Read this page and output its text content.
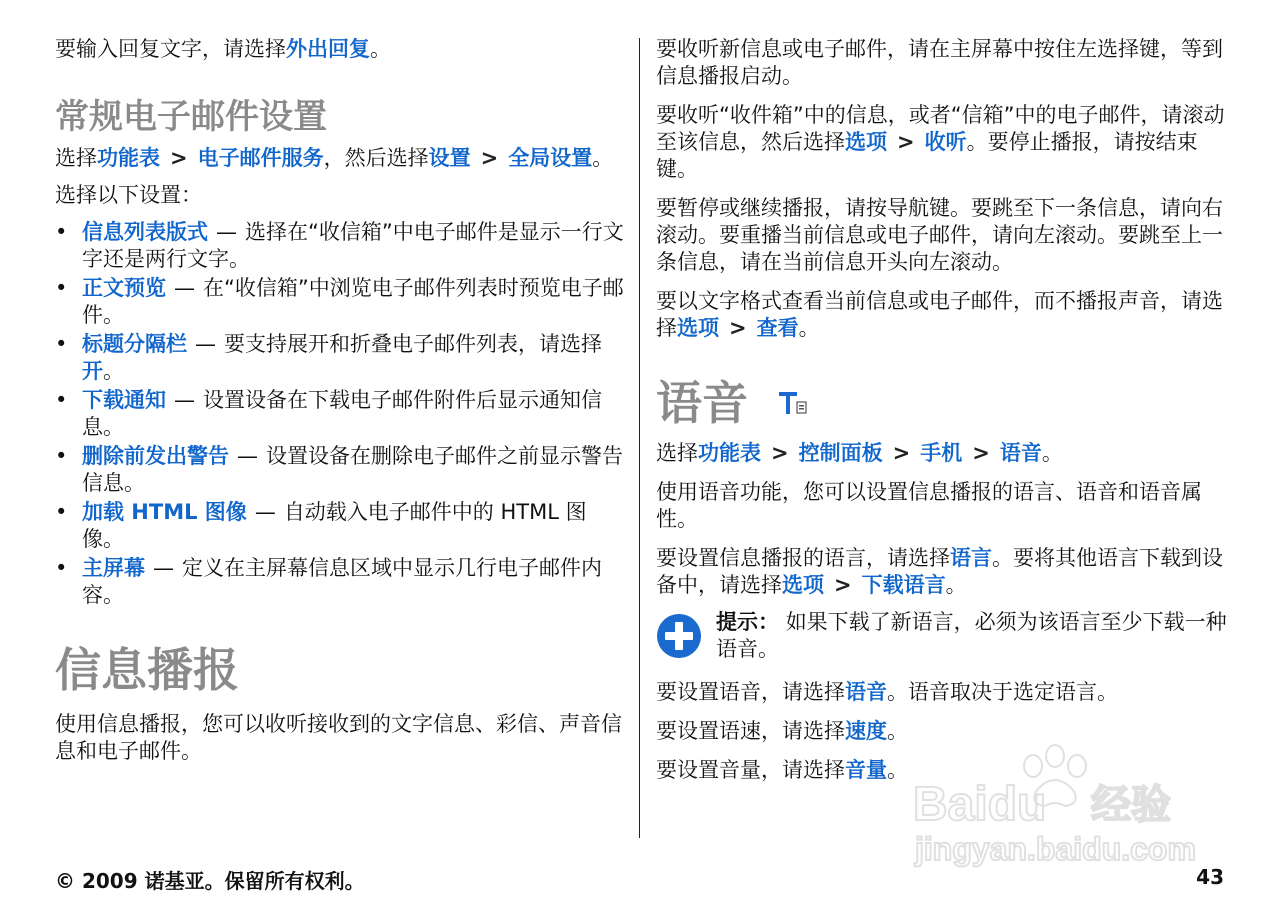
要输入回复文字，请选择外出回复。

常规电子邮件设置

选择功能表 > 电子邮件服务，然后选择设置 > 全局设置。

选择以下设置：

• 信息列表版式 — 选择在“收信箱”中电子邮件是显示一行文字还是两行文字。
• 正文预览 — 在“收信箱”中浏览电子邮件列表时预览电子邮件。
• 标题分隔栏 — 要支持展开和折叠电子邮件列表，请选择开。
• 下载通知 — 设置设备在下载电子邮件附件后显示通知信息。
• 删除前发出警告 — 设置设备在删除电子邮件之前显示警告信息。
• 加载 HTML 图像 — 自动载入电子邮件中的 HTML 图像。
• 主屏幕 — 定义在主屏幕信息区域中显示几行电子邮件内容。
信息播报

使用信息播报，您可以收听接收到的文字信息、彩信、声音信息和电子邮件。

要收听新信息或电子邮件，请在主屏幕中按住左选择键，等到信息播报启动。

要收听“收件箱”中的信息，或者“信箱”中的电子邮件，请滚动至该信息，然后选择选项 > 收听。要停止播报，请按结束键。

要暂停或继续播报，请按导航键。要跳至下一条信息，请向右滚动。要重播当前信息或电子邮件，请向左滚动。要跳至上一条信息，请在当前信息开头向左滚动。

要以文字格式查看当前信息或电子邮件，而不播报声音，请选择选项 > 查看。

语音

选择功能表 > 控制面板 > 手机 > 语音。

使用语音功能，您可以设置信息播报的语言、语音和语音属性。

要设置信息播报的语言，请选择语言。要将其他语言下载到设备中，请选择选项 > 下载语言。

提示： 如果下载了新语言，必须为该语言至少下载一种语音。

要设置语音，请选择语音。语音取决于选定语言。

要设置语速，请选择速度。

要设置音量，请选择音量。

Baidu 经验
jingyan.baidu.com
© 2009 诺基亚。保留所有权利。	43
